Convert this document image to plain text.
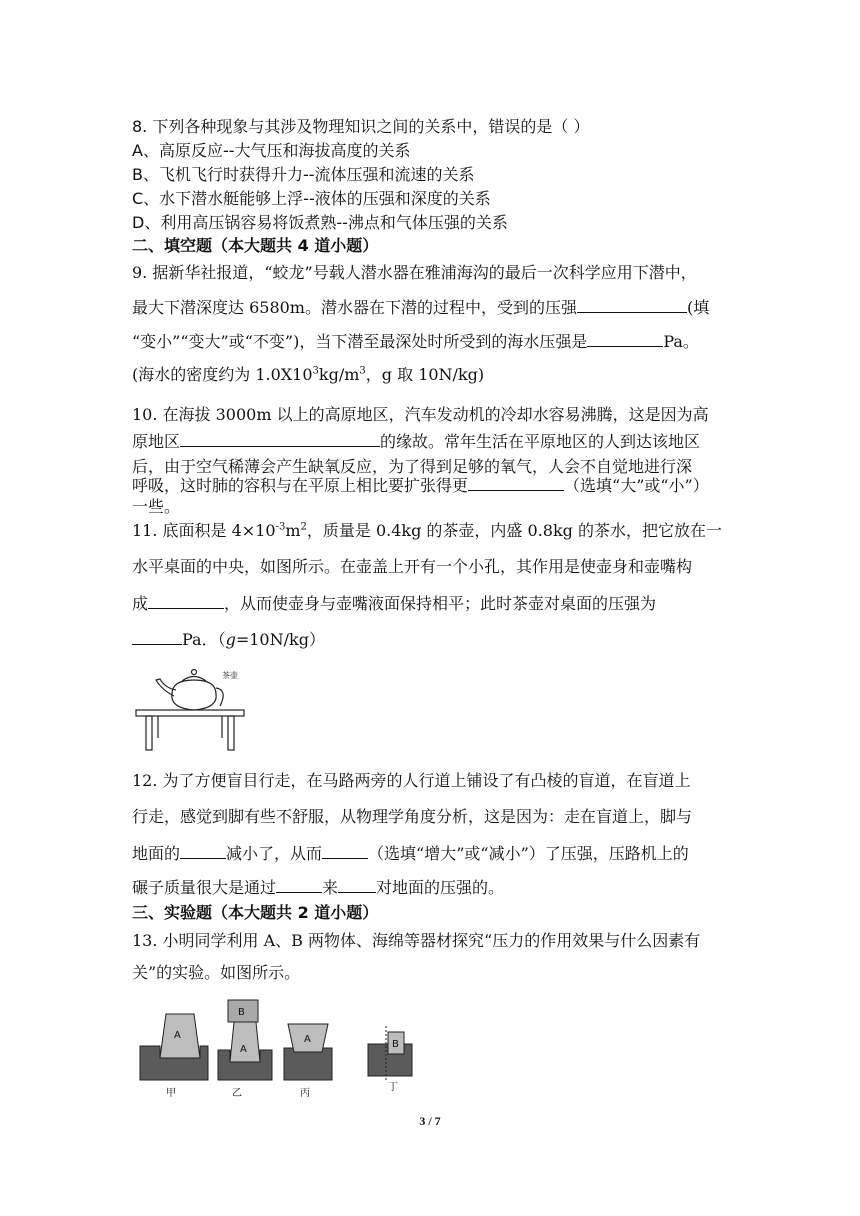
8. 下列各种现象与其涉及物理知识之间的关系中，错误的是（ ）
A、高原反应--大气压和海拔高度的关系
B、飞机飞行时获得升力--流体压强和流速的关系
C、水下潜水艇能够上浮--液体的压强和深度的关系
D、利用高压锅容易将饭煮熟--沸点和气体压强的关系
二、填空题（本大题共 4 道小题）
9. 据新华社报道，“蛟龙”号载人潜水器在雅浦海沟的最后一次科学应用下潜中，
最大下潜深度达 6580m。潜水器在下潜的过程中，受到的压强	(填
“变小”“变大”或“不变”)，当下潜至最深处时所受到的海水压强是	Pa。
(海水的密度约为 $1.0X10^3kg/m^3$，g 取 10N/kg)
10. 在海拔 3000m 以上的高原地区，汽车发动机的冷却水容易沸腾，这是因为高
原地区	的缘故。常年生活在平原地区的人到达该地区
后，由于空气稀薄会产生缺氧反应，为了得到足够的氧气，人会不自觉地进行深
呼吸，这时肺的容积与在平原上相比要扩张得更	（选填“大”或“小”）
一些。
11. 底面积是 $4\times 10^{-3}m^2$，质量是 0.4kg 的茶壶，内盛 0.8kg 的茶水，把它放在一
水平桌面的中央，如图所示。在壶盖上开有一个小孔，其作用是使壶身和壶嘴构
成	，从而使壶身与壶嘴液面保持相平；此时茶壶对桌面的压强为
Pa．（g=10N/kg）
茶壶
12. 为了方便盲目行走，在马路两旁的人行道上铺设了有凸棱的盲道，在盲道上
行走，感觉到脚有些不舒服，从物理学角度分析，这是因为：走在盲道上，脚与
地面的	减小了，从而	（选填“增大”或“减小”）了压强，压路机上的
碾子质量很大是通过	来 对地面的压强的。
三、实验题（本大题共 2 道小题）
13. 小明同学利用 A、B 两物体、海绵等器材探究“压力的作用效果与什么因素有
关”的实验。如图所示。
A
甲
B
A
乙
A
丙
B
丁
3 / 7
